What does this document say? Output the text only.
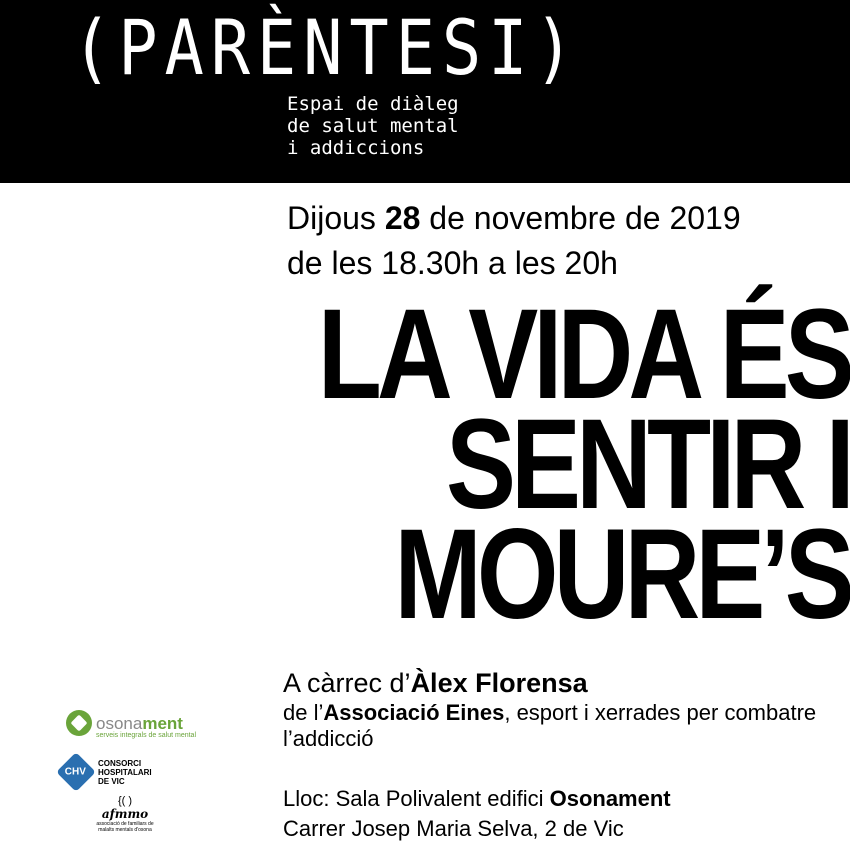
(PARÈNTESI)
Espai de diàleg
de salut mental
i addiccions
Dijous 28 de novembre de 2019
de les 18.30h a les 20h
LA VIDA ÉS
SENTIR I
MOURE’S
A càrrec d’Àlex Florensa
de l’Associació Eines, esport i xerrades per combatre l’addicció
Lloc: Sala Polivalent edifici Osonament
Carrer Josep Maria Selva, 2 de Vic
osonament
serveis integrals de salut mental
CHV
CONSORCI
HOSPITALARI
DE VIC
{( )
afmmo
associació de familiars de malalts mentals d'osona
